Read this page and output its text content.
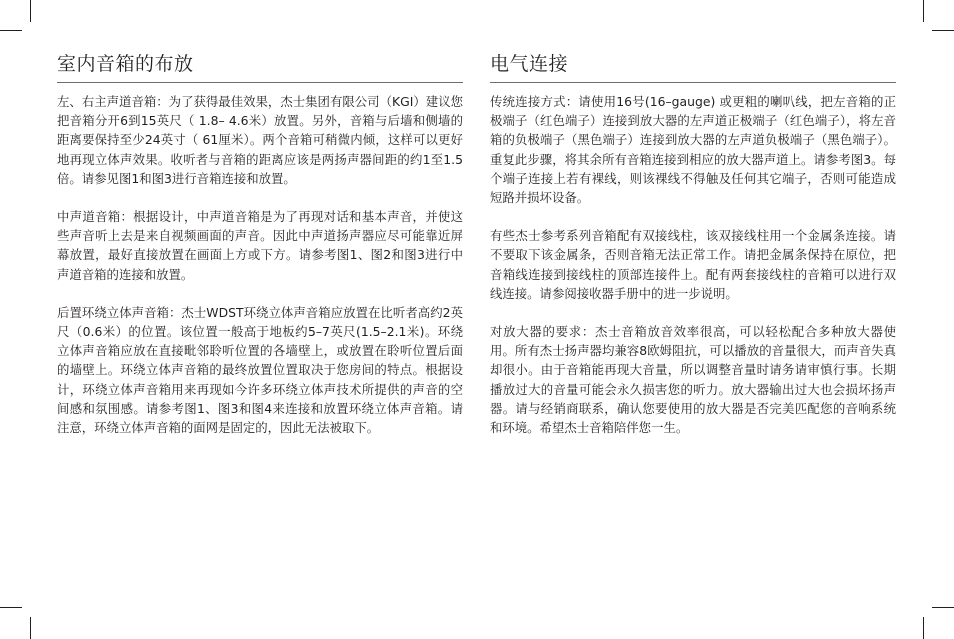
室内音箱的布放

左、右主声道音箱：为了获得最佳效果，杰士集团有限公司（KGI）建议您把音箱分开6到15英尺（ 1.8– 4.6米）放置。另外，音箱与后墙和侧墙的距离要保持至少24英寸（ 61厘米）。两个音箱可稍微内倾，这样可以更好地再现立体声效果。收听者与音箱的距离应该是两扬声器间距的约1至1.5倍。请参见图1和图3进行音箱连接和放置。

中声道音箱：根据设计，中声道音箱是为了再现对话和基本声音，并使这些声音听上去是来自视频画面的声音。因此中声道扬声器应尽可能靠近屏幕放置，最好直接放置在画面上方或下方。请参考图1、图2和图3进行中声道音箱的连接和放置。

后置环绕立体声音箱：杰士WDST环绕立体声音箱应放置在比听者高约2英尺（0.6米）的位置。该位置一般高于地板约5–7英尺(1.5–2.1米)。环绕立体声音箱应放在直接毗邻聆听位置的各墙壁上，或放置在聆听位置后面的墙壁上。环绕立体声音箱的最终放置位置取决于您房间的特点。根据设计，环绕立体声音箱用来再现如今许多环绕立体声技术所提供的声音的空间感和氛围感。请参考图1、图3和图4来连接和放置环绕立体声音箱。请注意，环绕立体声音箱的面网是固定的，因此无法被取下。

电气连接

传统连接方式：请使用16号(16–gauge) 或更粗的喇叭线，把左音箱的正极端子（红色端子）连接到放大器的左声道正极端子（红色端子），将左音箱的负极端子（黑色端子）连接到放大器的左声道负极端子（黑色端子）。重复此步骤，将其余所有音箱连接到相应的放大器声道上。请参考图3。每个端子连接上若有裸线，则该裸线不得触及任何其它端子，否则可能造成短路并损坏设备。

有些杰士参考系列音箱配有双接线柱，该双接线柱用一个金属条连接。请不要取下该金属条，否则音箱无法正常工作。请把金属条保持在原位，把音箱线连接到接线柱的顶部连接件上。配有两套接线柱的音箱可以进行双线连接。请参阅接收器手册中的进一步说明。

对放大器的要求：杰士音箱放音效率很高，可以轻松配合多种放大器使用。所有杰士扬声器均兼容8欧姆阻抗，可以播放的音量很大，而声音失真却很小。由于音箱能再现大音量，所以调整音量时请务请审慎行事。长期播放过大的音量可能会永久损害您的听力。放大器输出过大也会损坏扬声器。请与经销商联系，确认您要使用的放大器是否完美匹配您的音响系统和环境。希望杰士音箱陪伴您一生。
